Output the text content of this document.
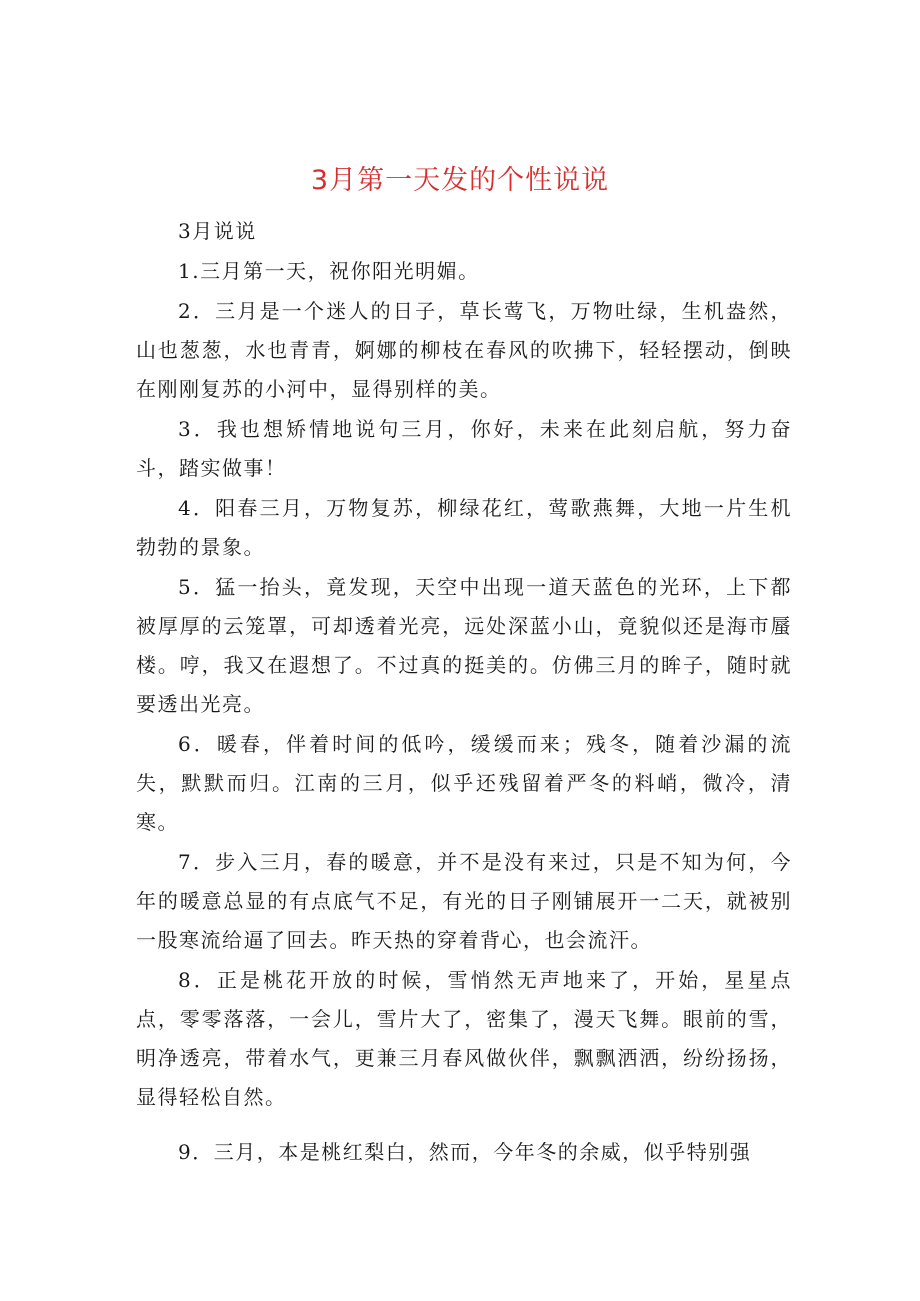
3月第一天发的个性说说

3月说说

1.三月第一天，祝你阳光明媚。

2．三月是一个迷人的日子，草长莺飞，万物吐绿，生机盎然，山也葱葱，水也青青，婀娜的柳枝在春风的吹拂下，轻轻摆动，倒映在刚刚复苏的小河中，显得别样的美。

3．我也想矫情地说句三月，你好，未来在此刻启航，努力奋斗，踏实做事！

4．阳春三月，万物复苏，柳绿花红，莺歌燕舞，大地一片生机勃勃的景象。

5．猛一抬头，竟发现，天空中出现一道天蓝色的光环，上下都被厚厚的云笼罩，可却透着光亮，远处深蓝小山，竟貌似还是海市蜃楼。哼，我又在遐想了。不过真的挺美的。仿佛三月的眸子，随时就要透出光亮。

6．暖春，伴着时间的低吟，缓缓而来；残冬，随着沙漏的流失，默默而归。江南的三月，似乎还残留着严冬的料峭，微冷，清寒。

7．步入三月，春的暖意，并不是没有来过，只是不知为何，今年的暖意总显的有点底气不足，有光的日子刚铺展开一二天，就被别一股寒流给逼了回去。昨天热的穿着背心，也会流汗。

8．正是桃花开放的时候，雪悄然无声地来了，开始，星星点点，零零落落，一会儿，雪片大了，密集了，漫天飞舞。眼前的雪，明净透亮，带着水气，更兼三月春风做伙伴，飘飘洒洒，纷纷扬扬，显得轻松自然。

9．三月，本是桃红梨白，然而，今年冬的余威，似乎特别强
